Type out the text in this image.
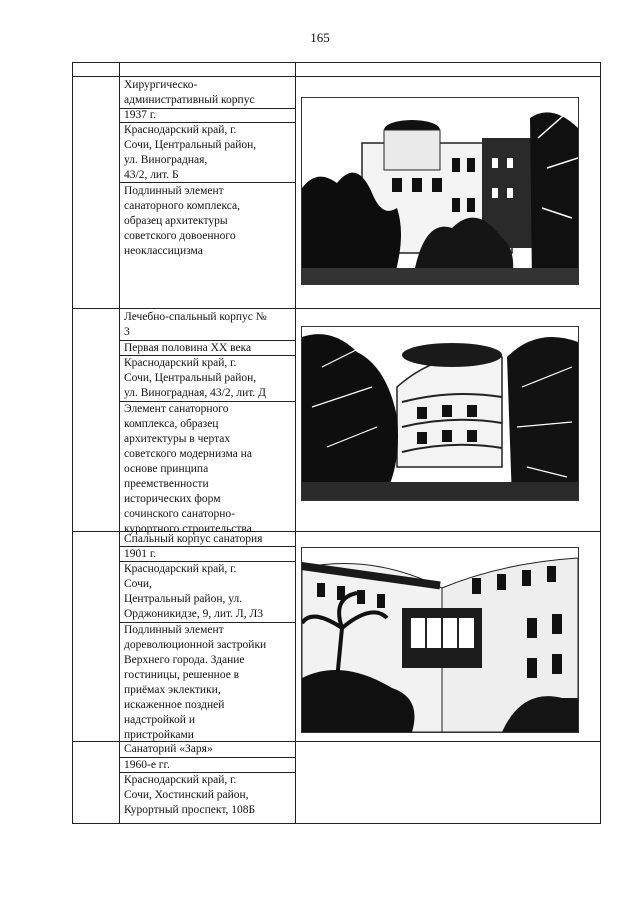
165
Хирургическо-
административный корпус
1937 г.
Краснодарский край, г.
Сочи, Центральный район,
ул. Виноградная,
43/2, лит. Б
Подлинный элемент
санаторного комплекса,
образец архитектуры
советского довоенного
неоклассицизма
Лечебно-спальный корпус №
3
Первая половина XX века
Краснодарский край, г.
Сочи, Центральный район,
ул. Виноградная, 43/2, лит. Д
Элемент санаторного
комплекса, образец
архитектуры в чертах
советского модернизма на
основе принципа
преемственности
исторических форм
сочинского санаторно-
курортного строительства
Спальный корпус санатория
1901 г.
Краснодарский край, г.
Сочи,
Центральный район, ул.
Орджоникидзе, 9, лит. Л, Л3
Подлинный элемент
дореволюционной застройки
Верхнего города. Здание
гостиницы, решенное в
приёмах эклектики,
искаженное поздней
надстройкой и
пристройками
Санаторий «Заря»
1960-е гг.
Краснодарский край, г.
Сочи, Хостинский район,
Курортный проспект, 108Б
